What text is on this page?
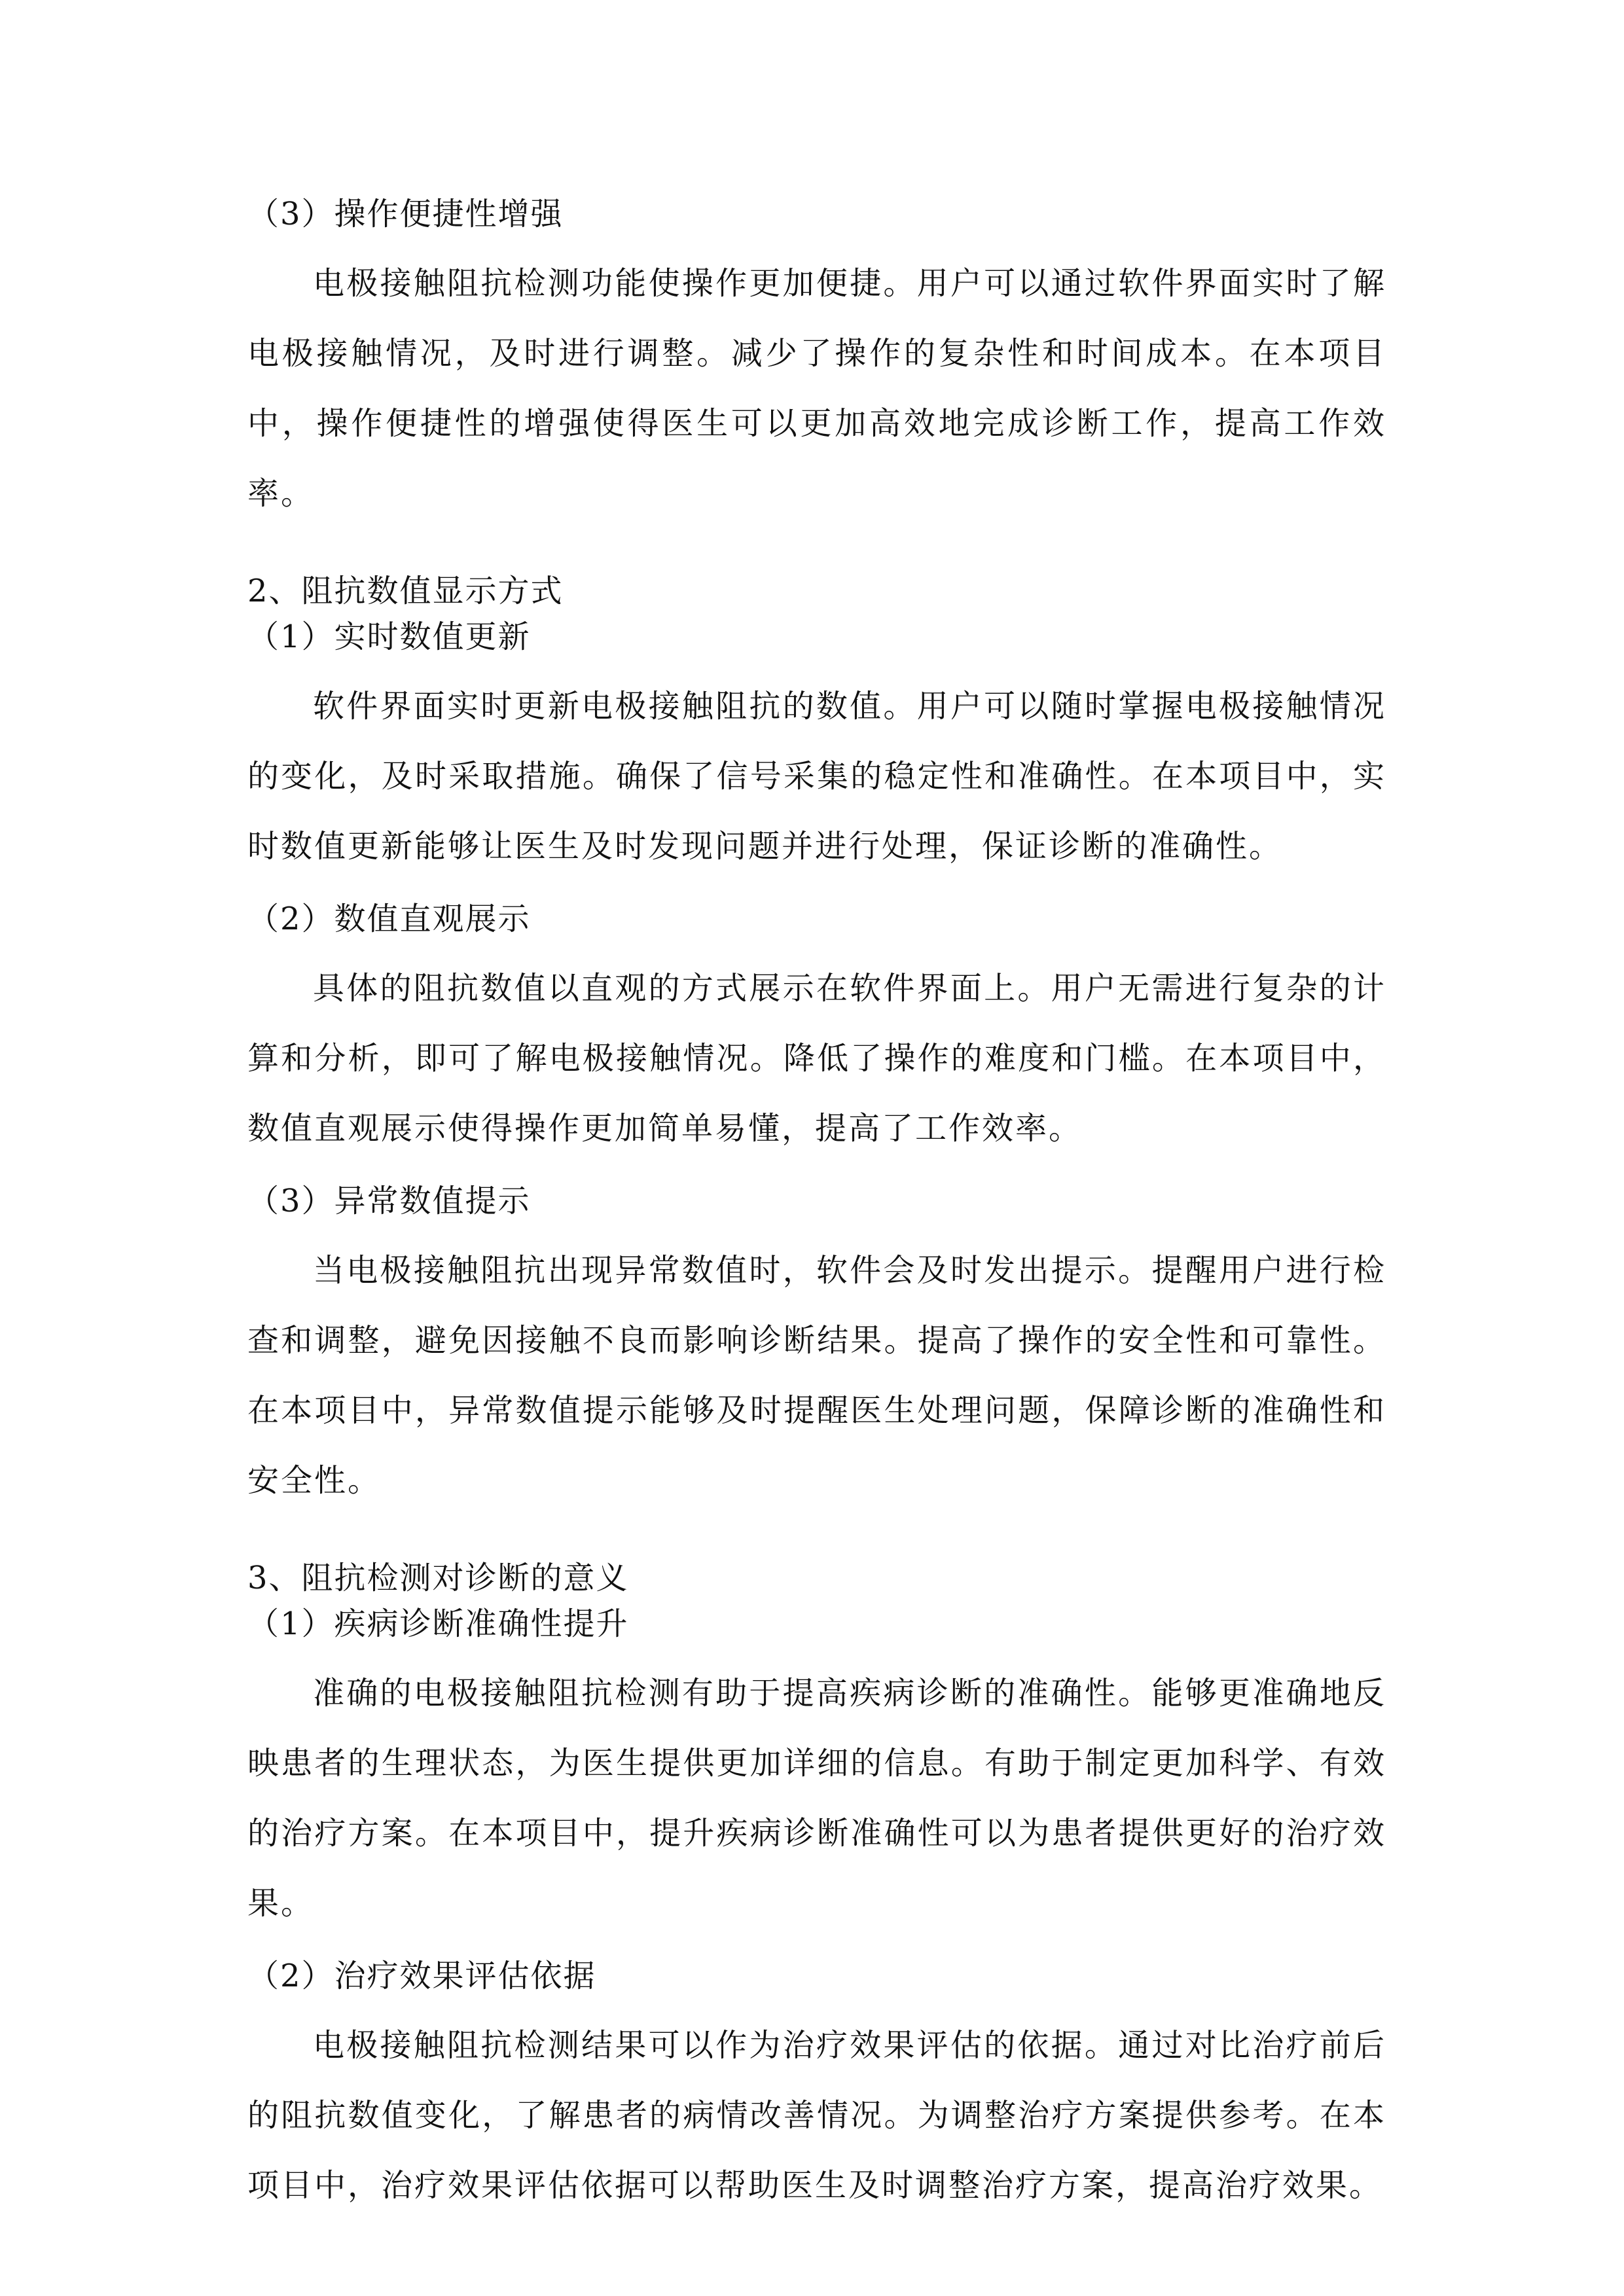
（3）操作便捷性增强

电极接触阻抗检测功能使操作更加便捷。用户可以通过软件界面实时了解电极接触情况，及时进行调整。减少了操作的复杂性和时间成本。在本项目中，操作便捷性的增强使得医生可以更加高效地完成诊断工作，提高工作效率。

2、阻抗数值显示方式

（1）实时数值更新

软件界面实时更新电极接触阻抗的数值。用户可以随时掌握电极接触情况的变化，及时采取措施。确保了信号采集的稳定性和准确性。在本项目中，实时数值更新能够让医生及时发现问题并进行处理，保证诊断的准确性。

（2）数值直观展示

具体的阻抗数值以直观的方式展示在软件界面上。用户无需进行复杂的计算和分析，即可了解电极接触情况。降低了操作的难度和门槛。在本项目中，数值直观展示使得操作更加简单易懂，提高了工作效率。

（3）异常数值提示

当电极接触阻抗出现异常数值时，软件会及时发出提示。提醒用户进行检查和调整，避免因接触不良而影响诊断结果。提高了操作的安全性和可靠性。在本项目中，异常数值提示能够及时提醒医生处理问题，保障诊断的准确性和安全性。

3、阻抗检测对诊断的意义

（1）疾病诊断准确性提升

准确的电极接触阻抗检测有助于提高疾病诊断的准确性。能够更准确地反映患者的生理状态，为医生提供更加详细的信息。有助于制定更加科学、有效的治疗方案。在本项目中，提升疾病诊断准确性可以为患者提供更好的治疗效果。

（2）治疗效果评估依据

电极接触阻抗检测结果可以作为治疗效果评估的依据。通过对比治疗前后的阻抗数值变化，了解患者的病情改善情况。为调整治疗方案提供参考。在本项目中，治疗效果评估依据可以帮助医生及时调整治疗方案，提高治疗效果。
